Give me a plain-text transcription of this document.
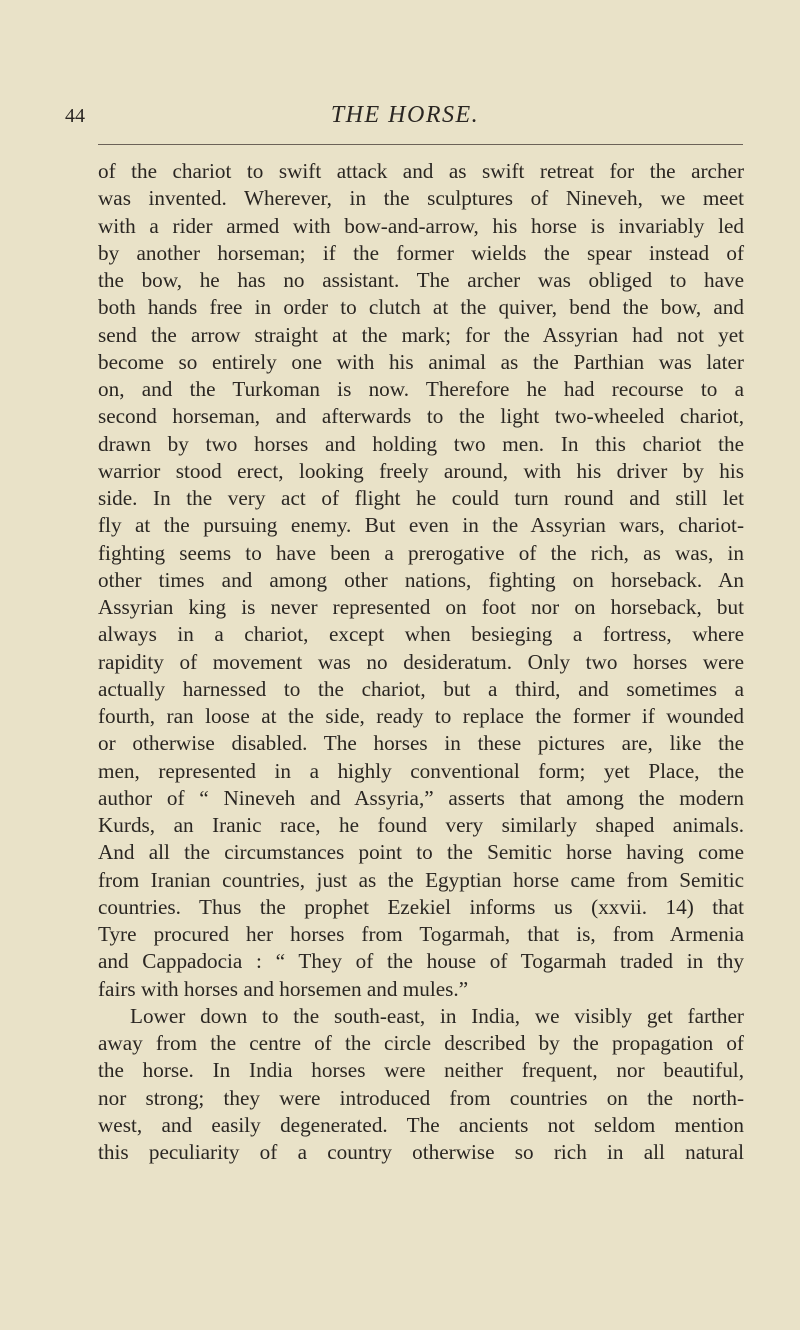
44	THE HORSE.
of the chariot to swift attack and as swift retreat for the archer
was invented. Wherever, in the sculptures of Nineveh, we meet
with a rider armed with bow-and-arrow, his horse is invariably led
by another horseman; if the former wields the spear instead of
the bow, he has no assistant. The archer was obliged to have
both hands free in order to clutch at the quiver, bend the bow, and
send the arrow straight at the mark; for the Assyrian had not yet
become so entirely one with his animal as the Parthian was later
on, and the Turkoman is now. Therefore he had recourse to a
second horseman, and afterwards to the light two-wheeled chariot,
drawn by two horses and holding two men. In this chariot the
warrior stood erect, looking freely around, with his driver by his
side. In the very act of flight he could turn round and still let
fly at the pursuing enemy. But even in the Assyrian wars, chariot-
fighting seems to have been a prerogative of the rich, as was, in
other times and among other nations, fighting on horseback. An
Assyrian king is never represented on foot nor on horseback, but
always in a chariot, except when besieging a fortress, where
rapidity of movement was no desideratum. Only two horses were
actually harnessed to the chariot, but a third, and sometimes a
fourth, ran loose at the side, ready to replace the former if wounded
or otherwise disabled. The horses in these pictures are, like the
men, represented in a highly conventional form; yet Place, the
author of “ Nineveh and Assyria,” asserts that among the modern
Kurds, an Iranic race, he found very similarly shaped animals.
And all the circumstances point to the Semitic horse having come
from Iranian countries, just as the Egyptian horse came from Semitic
countries. Thus the prophet Ezekiel informs us (xxvii. 14) that
Tyre procured her horses from Togarmah, that is, from Armenia
and Cappadocia : “ They of the house of Togarmah traded in thy
fairs with horses and horsemen and mules.”
Lower down to the south-east, in India, we visibly get farther
away from the centre of the circle described by the propagation of
the horse. In India horses were neither frequent, nor beautiful,
nor strong; they were introduced from countries on the north-
west, and easily degenerated. The ancients not seldom mention
this peculiarity of a country otherwise so rich in all natural
